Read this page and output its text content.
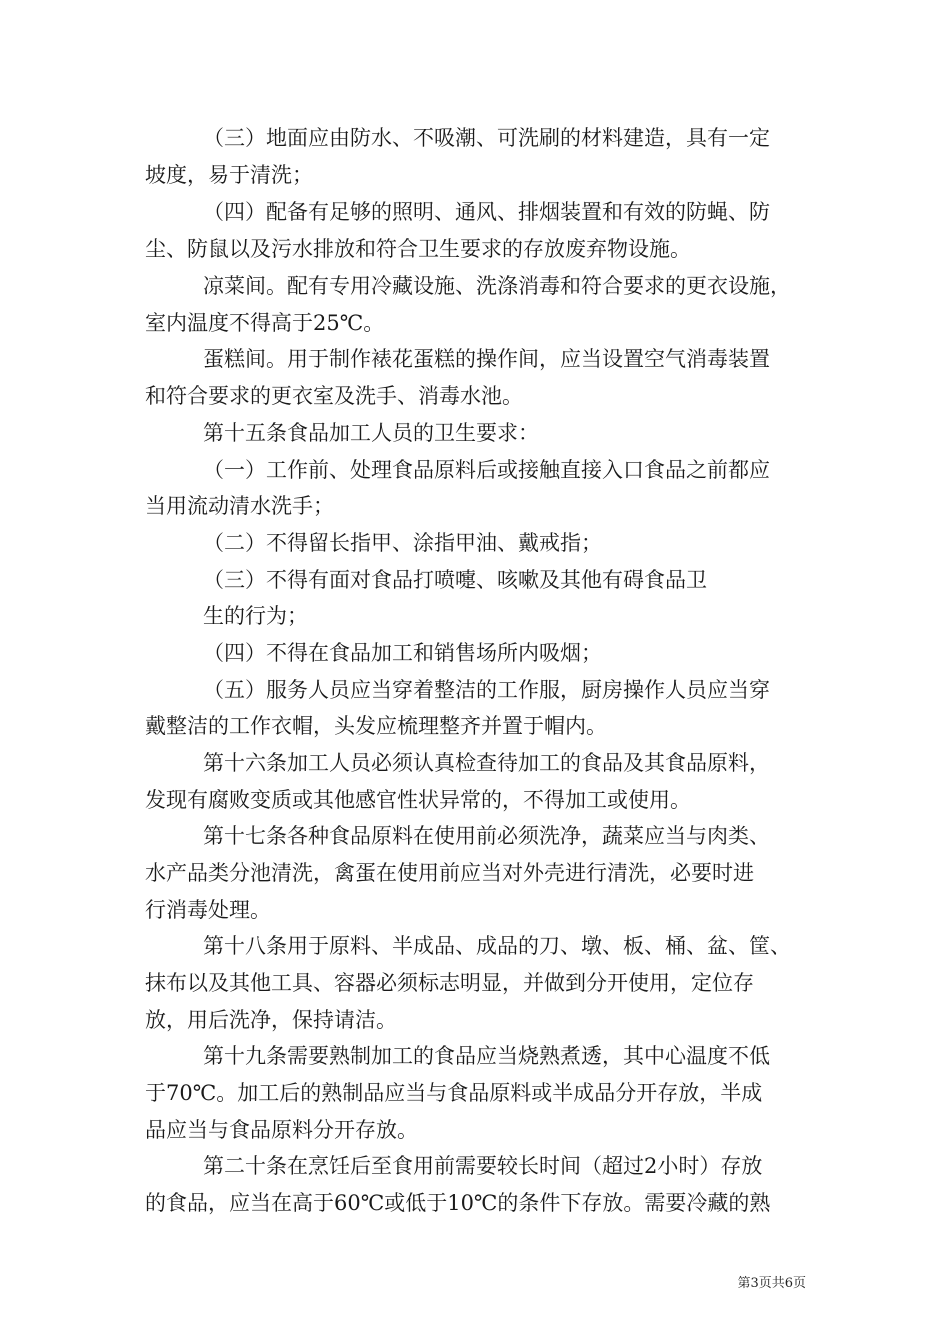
（三）地面应由防水、不吸潮、可洗刷的材料建造，具有一定
坡度，易于清洗；
（四）配备有足够的照明、通风、排烟装置和有效的防蝇、防
尘、防鼠以及污水排放和符合卫生要求的存放废弃物设施。
凉菜间。配有专用冷藏设施、洗涤消毒和符合要求的更衣设施，
室内温度不得高于25℃。
蛋糕间。用于制作裱花蛋糕的操作间，应当设置空气消毒装置
和符合要求的更衣室及洗手、消毒水池。
第十五条食品加工人员的卫生要求：
（一）工作前、处理食品原料后或接触直接入口食品之前都应
当用流动清水洗手；
（二）不得留长指甲、涂指甲油、戴戒指；
（三）不得有面对食品打喷嚏、咳嗽及其他有碍食品卫
生的行为；
（四）不得在食品加工和销售场所内吸烟；
（五）服务人员应当穿着整洁的工作服，厨房操作人员应当穿
戴整洁的工作衣帽，头发应梳理整齐并置于帽内。
第十六条加工人员必须认真检查待加工的食品及其食品原料，
发现有腐败变质或其他感官性状异常的，不得加工或使用。
第十七条各种食品原料在使用前必须洗净，蔬菜应当与肉类、
水产品类分池清洗，禽蛋在使用前应当对外壳进行清洗，必要时进
行消毒处理。
第十八条用于原料、半成品、成品的刀、墩、板、桶、盆、筐、
抹布以及其他工具、容器必须标志明显，并做到分开使用，定位存
放，用后洗净，保持请洁。
第十九条需要熟制加工的食品应当烧熟煮透，其中心温度不低
于70℃。加工后的熟制品应当与食品原料或半成品分开存放，半成
品应当与食品原料分开存放。
第二十条在烹饪后至食用前需要较长时间（超过2小时）存放
的食品，应当在高于60℃或低于10℃的条件下存放。需要冷藏的熟
第3页共6页
